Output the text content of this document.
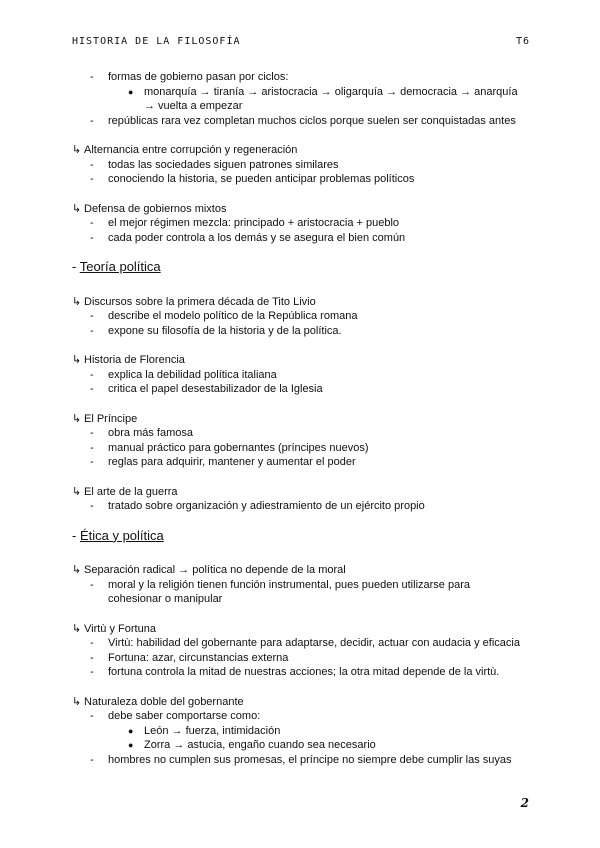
HISTORIA DE LA FILOSOFÍA	T6
- formas de gobierno pasan por ciclos:
● monarquía → tiranía → aristocracia → oligarquía → democracia → anarquía
→ vuelta a empezar
- repúblicas rara vez completan muchos ciclos porque suelen ser conquistadas antes
↳ Alternancia entre corrupción y regeneración
- todas las sociedades siguen patrones similares
- conociendo la historia, se pueden anticipar problemas políticos
↳ Defensa de gobiernos mixtos
- el mejor régimen mezcla: principado + aristocracia + pueblo
- cada poder controla a los demás y se asegura el bien común
- Teoría política
↳ Discursos sobre la primera década de Tito Livio
- describe el modelo político de la República romana
- expone su filosofía de la historia y de la política.
↳ Historia de Florencia
- explica la debilidad política italiana
- critica el papel desestabilizador de la Iglesia
↳ El Príncipe
- obra más famosa
- manual práctico para gobernantes (príncipes nuevos)
- reglas para adquirir, mantener y aumentar el poder
↳ El arte de la guerra
- tratado sobre organización y adiestramiento de un ejército propio
- Ética y política
↳ Separación radical → política no depende de la moral
- moral y la religión tienen función instrumental, pues pueden utilizarse para
cohesionar o manipular
↳ Virtù y Fortuna
- Virtù: habilidad del gobernante para adaptarse, decidir, actuar con audacia y eficacia
- Fortuna: azar, circunstancias externa
- fortuna controla la mitad de nuestras acciones; la otra mitad depende de la virtù.
↳ Naturaleza doble del gobernante
- debe saber comportarse como:
● León → fuerza, intimidación
● Zorra → astucia, engaño cuando sea necesario
- hombres no cumplen sus promesas, el príncipe no siempre debe cumplir las suyas
2
